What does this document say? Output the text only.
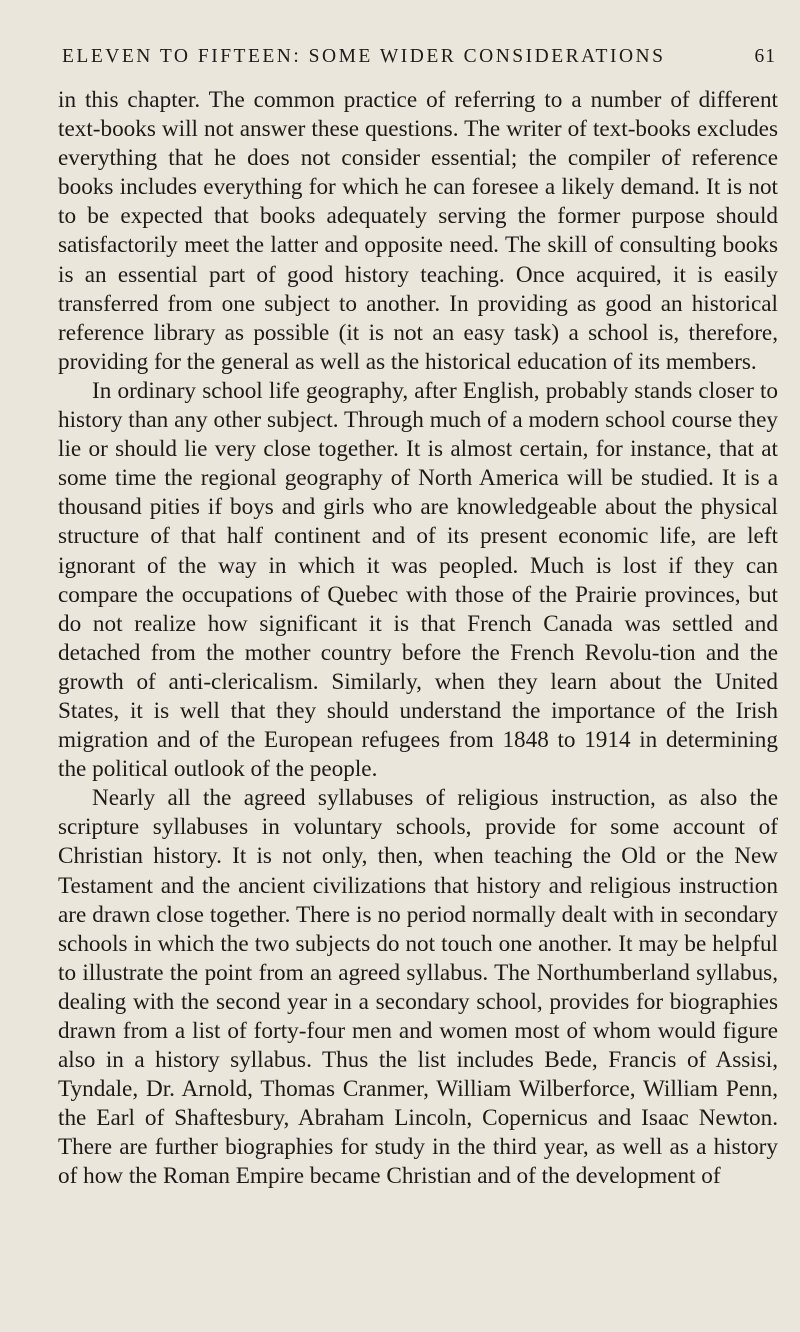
ELEVEN TO FIFTEEN: SOME WIDER CONSIDERATIONS	61

in this chapter. The common practice of referring to a number of different text-books will not answer these questions. The writer of text-books excludes everything that he does not consider essential; the compiler of reference books includes everything for which he can foresee a likely demand. It is not to be expected that books adequately serving the former purpose should satisfactorily meet the latter and opposite need. The skill of consulting books is an essential part of good history teaching. Once acquired, it is easily transferred from one subject to another. In providing as good an historical reference library as possible (it is not an easy task) a school is, therefore, providing for the general as well as the historical education of its members.

In ordinary school life geography, after English, probably stands closer to history than any other subject. Through much of a modern school course they lie or should lie very close together. It is almost certain, for instance, that at some time the regional geography of North America will be studied. It is a thousand pities if boys and girls who are knowledgeable about the physical structure of that half continent and of its present economic life, are left ignorant of the way in which it was peopled. Much is lost if they can compare the occupations of Quebec with those of the Prairie provinces, but do not realize how significant it is that French Canada was settled and detached from the mother country before the French Revolu-tion and the growth of anti-clericalism. Similarly, when they learn about the United States, it is well that they should understand the importance of the Irish migration and of the European refugees from 1848 to 1914 in determining the political outlook of the people.

Nearly all the agreed syllabuses of religious instruction, as also the scripture syllabuses in voluntary schools, provide for some account of Christian history. It is not only, then, when teaching the Old or the New Testament and the ancient civilizations that history and religious instruction are drawn close together. There is no period normally dealt with in secondary schools in which the two subjects do not touch one another. It may be helpful to illustrate the point from an agreed syllabus. The Northumberland syllabus, dealing with the second year in a secondary school, provides for biographies drawn from a list of forty-four men and women most of whom would figure also in a history syllabus. Thus the list includes Bede, Francis of Assisi, Tyndale, Dr. Arnold, Thomas Cranmer, William Wilberforce, William Penn, the Earl of Shaftesbury, Abraham Lincoln, Copernicus and Isaac Newton. There are further biographies for study in the third year, as well as a history of how the Roman Empire became Christian and of the development of
